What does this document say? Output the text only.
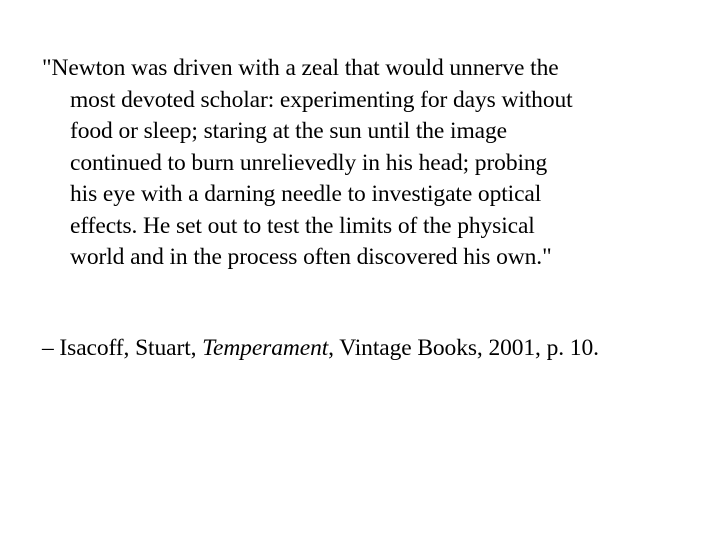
"Newton was driven with a zeal that would unnerve the
most devoted scholar: experimenting for days without
food or sleep; staring at the sun until the image
continued to burn unrelievedly in his head; probing
his eye with a darning needle to investigate optical
effects. He set out to test the limits of the physical
world and in the process often discovered his own."

– Isacoff, Stuart, Temperament, Vintage Books, 2001, p. 10.
